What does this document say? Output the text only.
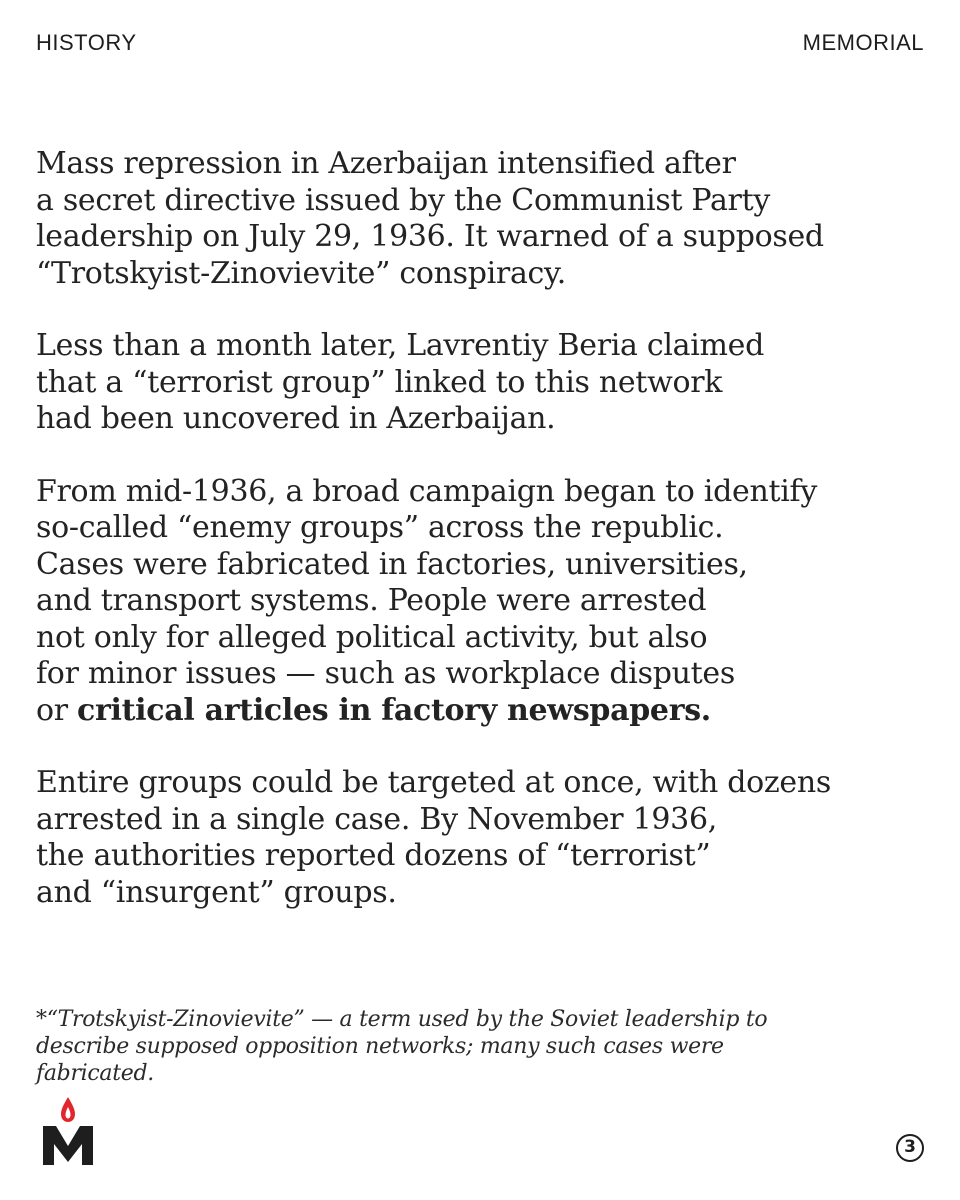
HISTORY	MEMORIAL

Mass repression in Azerbaijan intensified after
a secret directive issued by the Communist Party
leadership on July 29, 1936. It warned of a supposed
“Trotskyist-Zinovievite” conspiracy.

Less than a month later, Lavrentiy Beria claimed
that a “terrorist group” linked to this network
had been uncovered in Azerbaijan.

From mid-1936, a broad campaign began to identify
so-called “enemy groups” across the republic.
Cases were fabricated in factories, universities,
and transport systems. People were arrested
not only for alleged political activity, but also
for minor issues — such as workplace disputes
or critical articles in factory newspapers.

Entire groups could be targeted at once, with dozens
arrested in a single case. By November 1936,
the authorities reported dozens of “terrorist”
and “insurgent” groups.

*“Trotskyist-Zinovievite” — a term used by the Soviet leadership to
describe supposed opposition networks; many such cases were
fabricated.
3
